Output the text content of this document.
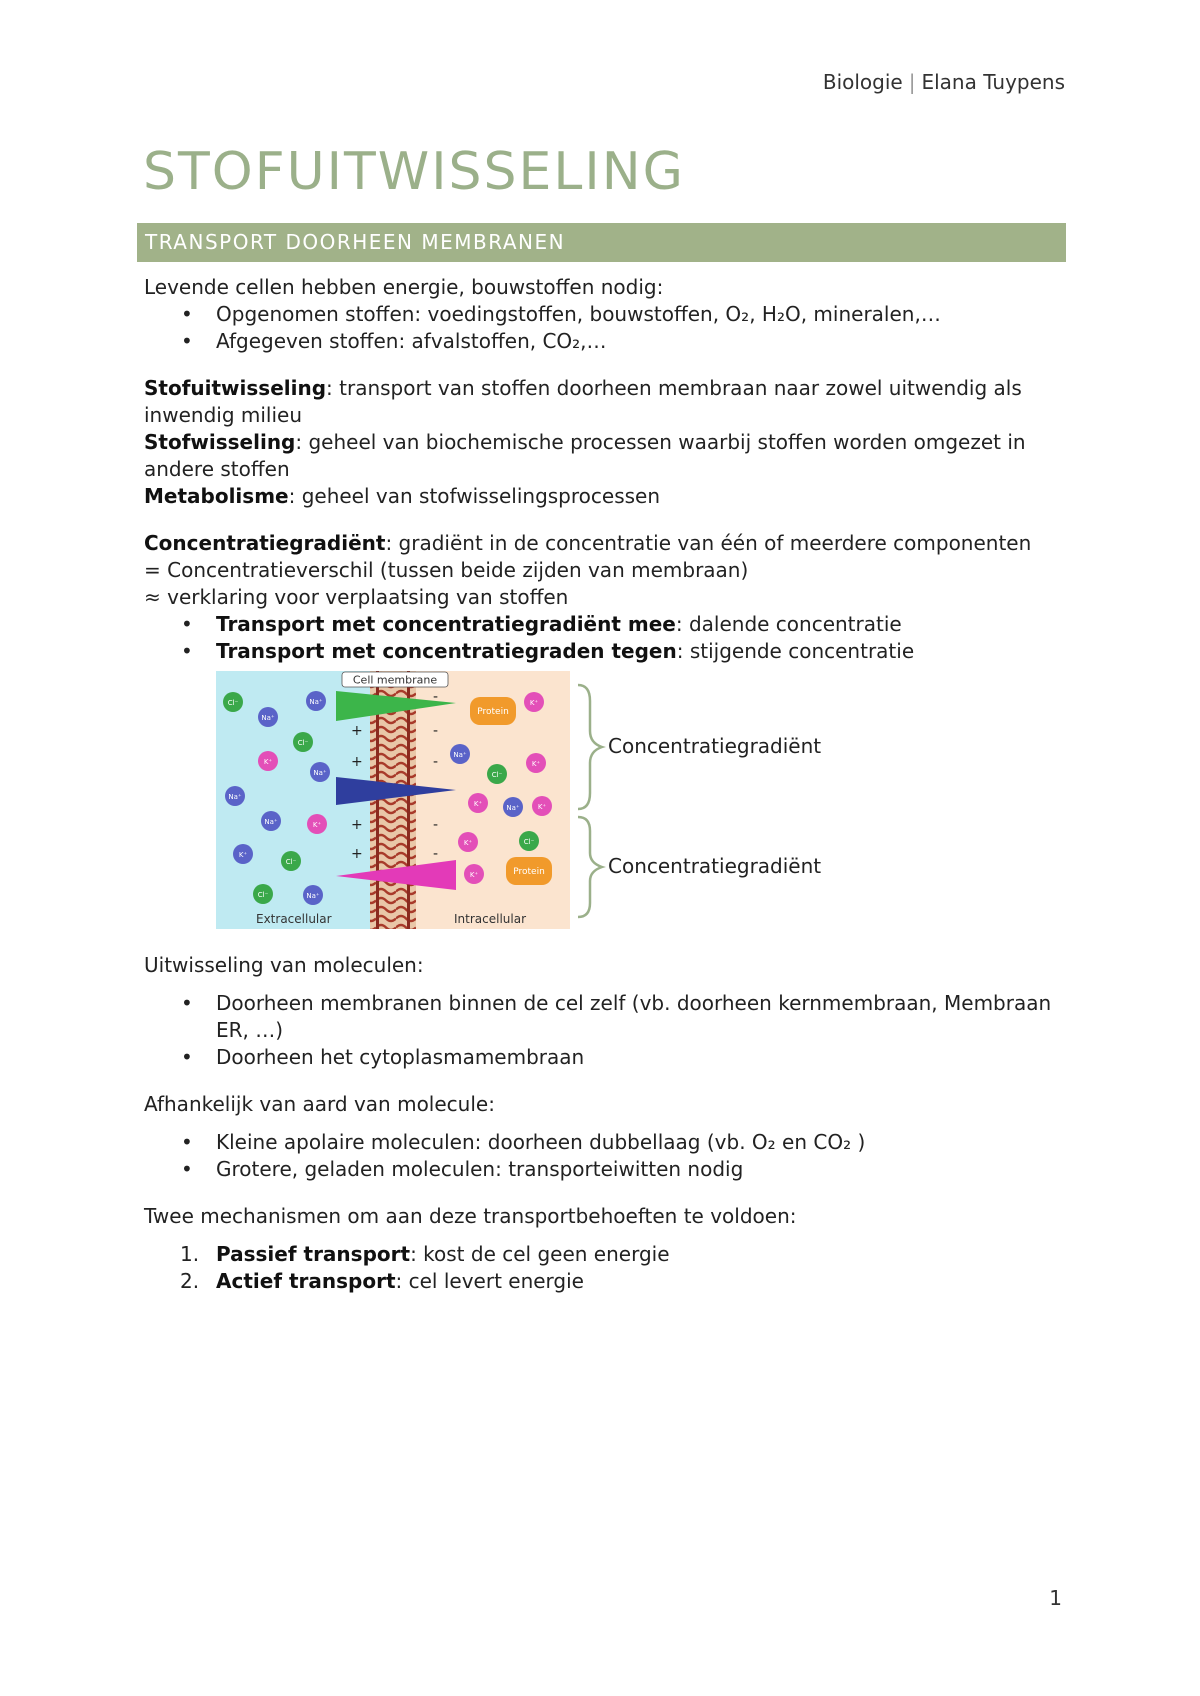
Biologie | Elana Tuypens
STOFUITWISSELING
TRANSPORT DOORHEEN MEMBRANEN

Levende cellen hebben energie, bouwstoffen nodig:

• Opgenomen stoffen: voedingstoffen, bouwstoffen, O₂, H₂O, mineralen,…
• Afgegeven stoffen: afvalstoffen, CO₂,…

Stofuitwisseling: transport van stoffen doorheen membraan naar zowel uitwendig als inwendig milieu

Stofwisseling: geheel van biochemische processen waarbij stoffen worden omgezet in andere stoffen

Metabolisme: geheel van stofwisselingsprocessen

Concentratiegradiënt: gradiënt in de concentratie van één of meerdere componenten

= Concentratieverschil (tussen beide zijden van membraan)

≈ verklaring voor verplaatsing van stoffen

• Transport met concentratiegradiënt mee: dalende concentratie
• Transport met concentratiegraden tegen: stijgende concentratie
Cell membrane
+
+
+
+
-
-
-
-
-
Cl⁻
Na⁺
Na⁺
Cl⁻
K⁺
Na⁺
Na⁺
Na⁺	K⁺
K⁺
Cl⁻
Cl⁻	Na⁺
K⁺
Na⁺
Cl⁻
K⁺
K⁺	Na⁺	K⁺
K⁺	Cl⁻
K⁺
Protein
Protein
Extracellular	Intracellular
Concentratiegradiënt
Concentratiegradiënt

Uitwisseling van moleculen:

• Doorheen membranen binnen de cel zelf (vb. doorheen kernmembraan, Membraan ER, …)
• Doorheen het cytoplasmamembraan

Afhankelijk van aard van molecule:

• Kleine apolaire moleculen: doorheen dubbellaag (vb. O₂ en CO₂ )
• Grotere, geladen moleculen: transporteiwitten nodig

Twee mechanismen om aan deze transportbehoeften te voldoen:

Passief transport: kost de cel geen energie
Actief transport: cel levert energie
1
